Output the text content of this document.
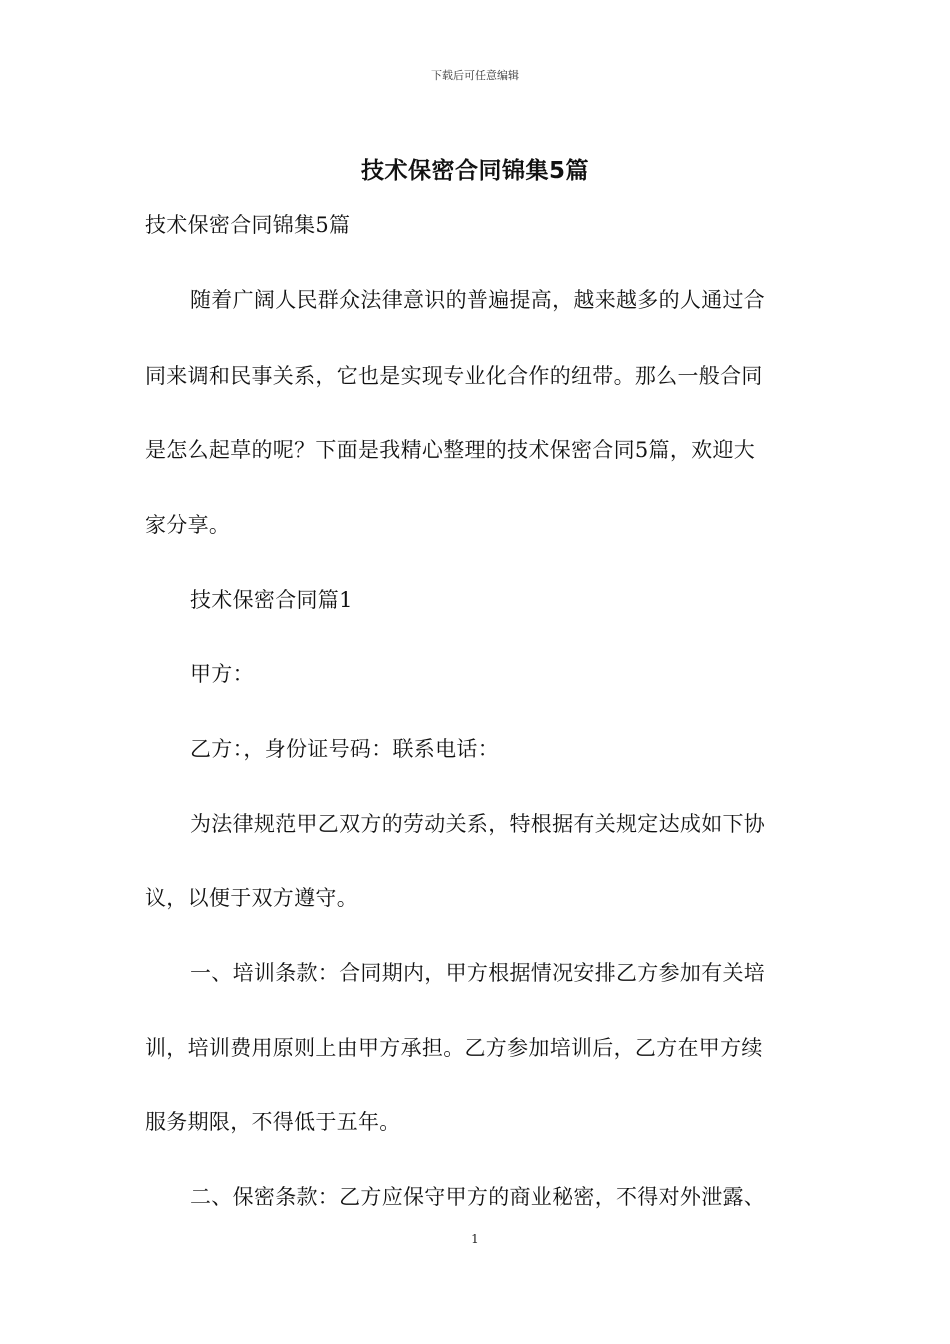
下载后可任意编辑
技术保密合同锦集5篇
技术保密合同锦集5篇
随着广阔人民群众法律意识的普遍提高，越来越多的人通过合
同来调和民事关系，它也是实现专业化合作的纽带。那么一般合同
是怎么起草的呢？下面是我精心整理的技术保密合同5篇，欢迎大
家分享。
技术保密合同篇1
甲方：
乙方：，身份证号码：联系电话：
为法律规范甲乙双方的劳动关系，特根据有关规定达成如下协
议，以便于双方遵守。
一、培训条款：合同期内，甲方根据情况安排乙方参加有关培
训，培训费用原则上由甲方承担。乙方参加培训后，乙方在甲方续
服务期限，不得低于五年。
二、保密条款：乙方应保守甲方的商业秘密，不得对外泄露、
1
